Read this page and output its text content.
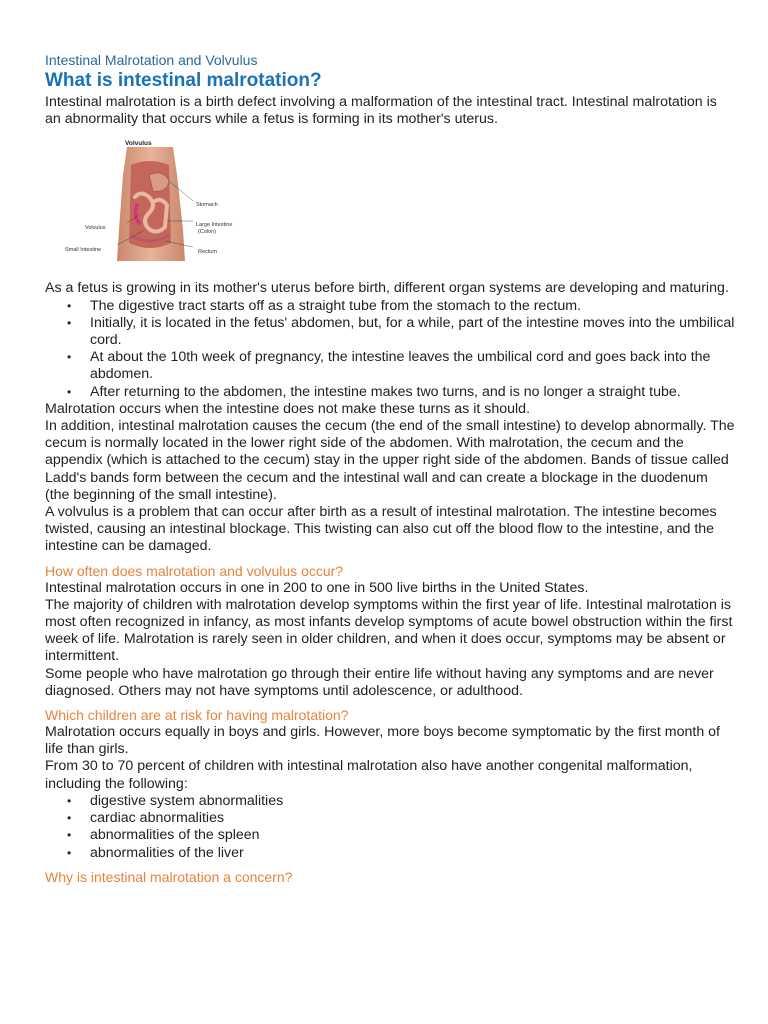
Intestinal Malrotation and Volvulus

What is intestinal malrotation?

Intestinal malrotation is a birth defect involving a malformation of the intestinal tract. Intestinal malrotation is an abnormality that occurs while a fetus is forming in its mother's uterus.

Volvulus
Stomach
Volvulus	Large Intestine
(Colon)
Small Intestine	Rectum

As a fetus is growing in its mother's uterus before birth, different organ systems are developing and maturing.

• The digestive tract starts off as a straight tube from the stomach to the rectum.
• Initially, it is located in the fetus' abdomen, but, for a while, part of the intestine moves into the umbilical cord.
• At about the 10th week of pregnancy, the intestine leaves the umbilical cord and goes back into the abdomen.
• After returning to the abdomen, the intestine makes two turns, and is no longer a straight tube.

Malrotation occurs when the intestine does not make these turns as it should.

In addition, intestinal malrotation causes the cecum (the end of the small intestine) to develop abnormally. The cecum is normally located in the lower right side of the abdomen. With malrotation, the cecum and the appendix (which is attached to the cecum) stay in the upper right side of the abdomen. Bands of tissue called Ladd's bands form between the cecum and the intestinal wall and can create a blockage in the duodenum (the beginning of the small intestine).

A volvulus is a problem that can occur after birth as a result of intestinal malrotation. The intestine becomes twisted, causing an intestinal blockage. This twisting can also cut off the blood flow to the intestine, and the intestine can be damaged.

How often does malrotation and volvulus occur?

Intestinal malrotation occurs in one in 200 to one in 500 live births in the United States.

The majority of children with malrotation develop symptoms within the first year of life. Intestinal malrotation is most often recognized in infancy, as most infants develop symptoms of acute bowel obstruction within the first week of life. Malrotation is rarely seen in older children, and when it does occur, symptoms may be absent or intermittent.

Some people who have malrotation go through their entire life without having any symptoms and are never diagnosed. Others may not have symptoms until adolescence, or adulthood.

Which children are at risk for having malrotation?

Malrotation occurs equally in boys and girls. However, more boys become symptomatic by the first month of life than girls.

From 30 to 70 percent of children with intestinal malrotation also have another congenital malformation, including the following:

• digestive system abnormalities
• cardiac abnormalities
• abnormalities of the spleen
• abnormalities of the liver

Why is intestinal malrotation a concern?
